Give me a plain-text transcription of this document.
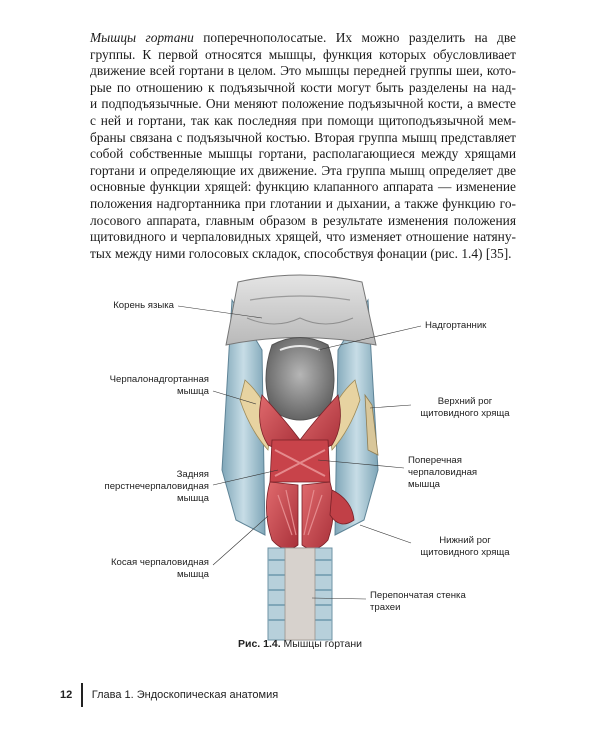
Мышцы гортани поперечнополосатые. Их можно разделить на две
группы. К первой относятся мышцы, функция которых обусловливает
движение всей гортани в целом. Это мышцы передней группы шеи, кото-
рые по отношению к подъязычной кости могут быть разделены на над-
и подподъязычные. Они меняют положение подъязычной кости, а вместе
с ней и гортани, так как последняя при помощи щитоподъязычной мем-
браны связана с подъязычной костью. Вторая группа мышц представляет
собой собственные мышцы гортани, располагающиеся между хрящами
гортани и определяющие их движение. Эта группа мышц определяет две
основные функции хрящей: функцию клапанного аппарата — изменение
положения надгортанника при глотании и дыхании, а также функцию го-
лосового аппарата, главным образом в результате изменения положения
щитовидного и черпаловидных хрящей, что изменяет отношение натяну-
тых между ними голосовых складок, способствуя фонации (рис. 1.4) [35].

Корень языка
Черпалонадгортанная
мышца
Задняя
перстнечерпаловидная
мышца
Косая черпаловидная
мышца
Надгортанник
Верхний рог
щитовидного хряща
Поперечная
черпаловидная
мышца
Нижний рог
щитовидного хряща
Перепончатая стенка
трахеи
Рис. 1.4. Мышцы гортани
12	Глава 1. Эндоскопическая анатомия
